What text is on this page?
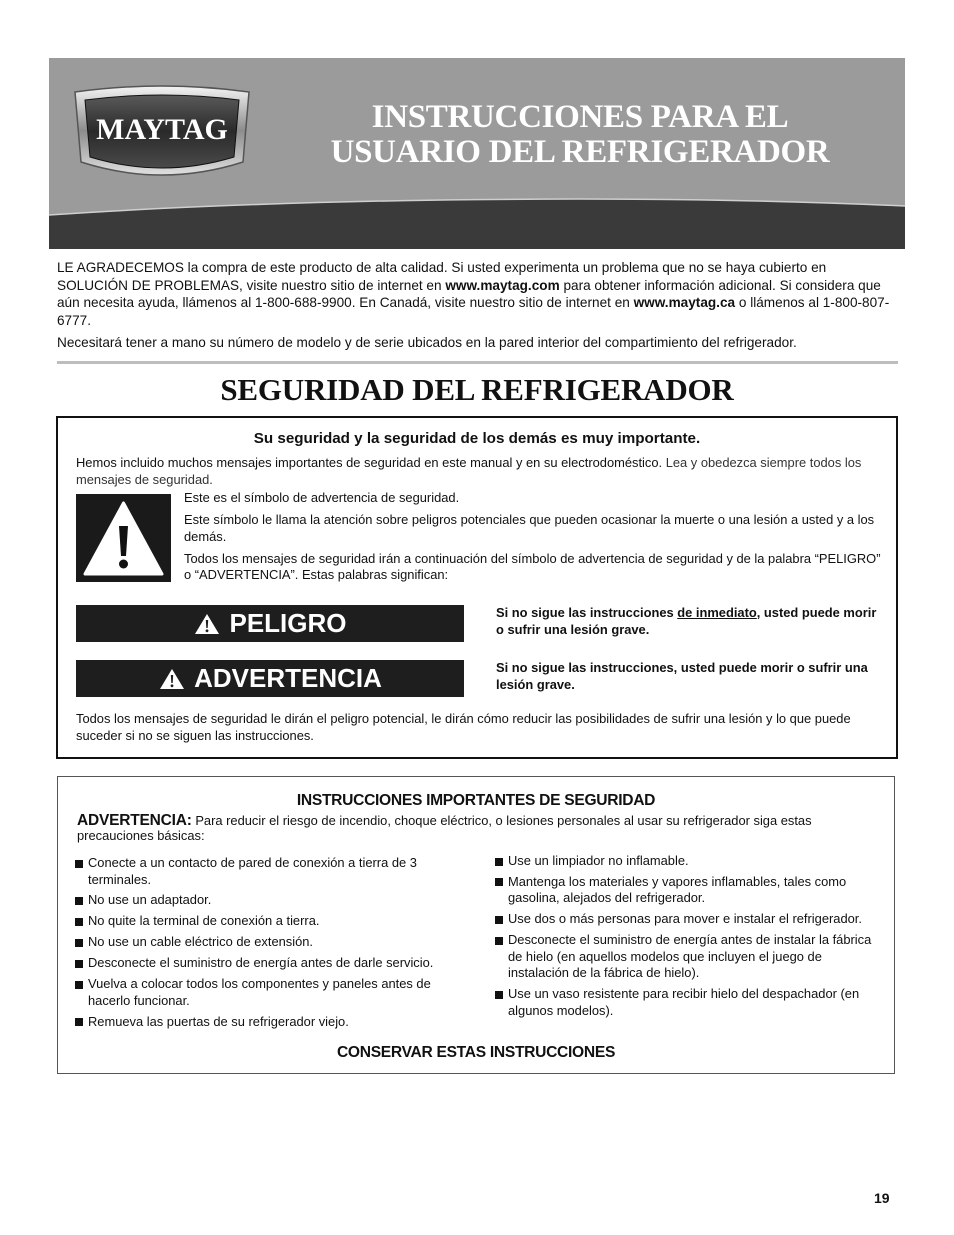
MAYTAG	INSTRUCCIONES PARA EL
USUARIO DEL REFRIGERADOR

LE AGRADECEMOS la compra de este producto de alta calidad. Si usted experimenta un problema que no se haya cubierto en SOLUCIÓN DE PROBLEMAS, visite nuestro sitio de internet en www.maytag.com para obtener información adicional. Si considera que aún necesita ayuda, llámenos al 1-800-688-9900. En Canadá, visite nuestro sitio de internet en www.maytag.ca o llámenos al 1-800-807-6777.

Necesitará tener a mano su número de modelo y de serie ubicados en la pared interior del compartimiento del refrigerador.

SEGURIDAD DEL REFRIGERADOR
Su seguridad y la seguridad de los demás es muy importante.
Hemos incluido muchos mensajes importantes de seguridad en este manual y en su electrodoméstico. Lea y obedezca siempre todos los mensajes de seguridad.

Este es el símbolo de advertencia de seguridad.

Este símbolo le llama la atención sobre peligros potenciales que pueden ocasionar la muerte o una lesión a usted y a los demás.

Todos los mensajes de seguridad irán a continuación del símbolo de advertencia de seguridad y de la palabra “PELIGRO” o “ADVERTENCIA”. Estas palabras significan:

PELIGRO	Si no sigue las instrucciones de inmediato, usted puede morir o sufrir una lesión grave.
ADVERTENCIA	Si no sigue las instrucciones, usted puede morir o sufrir una lesión grave.
Todos los mensajes de seguridad le dirán el peligro potencial, le dirán cómo reducir las posibilidades de sufrir una lesión y lo que puede suceder si no se siguen las instrucciones.
INSTRUCCIONES IMPORTANTES DE SEGURIDAD
ADVERTENCIA: Para reducir el riesgo de incendio, choque eléctrico, o lesiones personales al usar su refrigerador siga estas precauciones básicas:
Conecte a un contacto de pared de conexión a tierra de 3 terminales.
No use un adaptador.
No quite la terminal de conexión a tierra.
No use un cable eléctrico de extensión.
Desconecte el suministro de energía antes de darle servicio.
Vuelva a colocar todos los componentes y paneles antes de hacerlo funcionar.
Remueva las puertas de su refrigerador viejo.
Use un limpiador no inflamable.
Mantenga los materiales y vapores inflamables, tales como gasolina, alejados del refrigerador.
Use dos o más personas para mover e instalar el refrigerador.
Desconecte el suministro de energía antes de instalar la fábrica de hielo (en aquellos modelos que incluyen el juego de instalación de la fábrica de hielo).
Use un vaso resistente para recibir hielo del despachador (en algunos modelos).
CONSERVAR ESTAS INSTRUCCIONES
19
